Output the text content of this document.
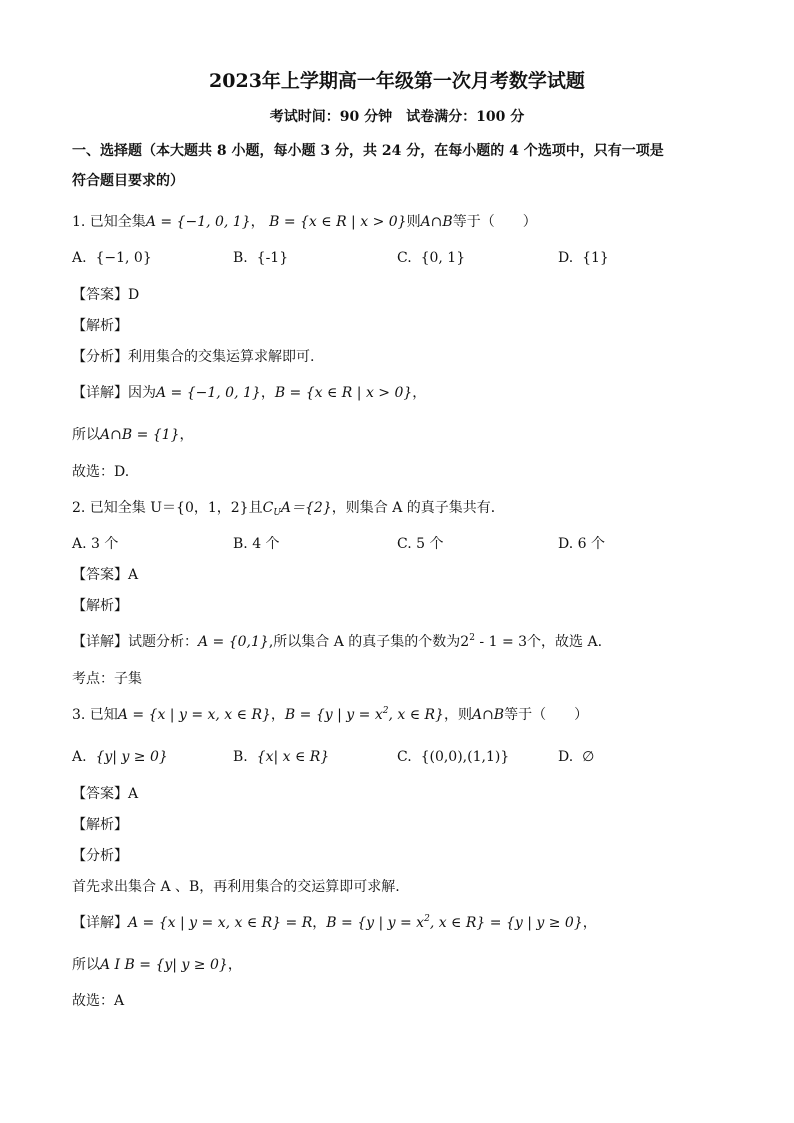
2023年上学期高一年级第一次月考数学试题
考试时间：90 分钟　试卷满分：100 分
一、选择题（本大题共 8 小题，每小题 3 分，共 24 分，在每小题的 4 个选项中，只有一项是
符合题目要求的）
1. 已知全集A = {−1, 0, 1}， B = {x ∈ R | x > 0}则A∩B等于（　　）
A. {−1, 0}	B. {-1}	C. {0, 1}	D. {1}
【答案】D
【解析】
【分析】利用集合的交集运算求解即可.
【详解】因为A = {−1, 0, 1}，B = {x ∈ R | x > 0}，
所以A∩B = {1}，
故选：D.
2. 已知全集 U＝{0，1，2}且$C_UA=\{2\}$，则集合 A 的真子集共有．
A. 3 个	B. 4 个	C. 5 个	D. 6 个
【答案】A
【解析】
【详解】试题分析：A = {0,1},所以集合 A 的真子集的个数为$2^2 - 1 = 3$个，故选 A.
考点：子集
3. 已知A = {x | y = x, x ∈ R}，B = {y | $y = x^2$, x ∈ R}，则A∩B等于（　　）
A. {y| y ≥ 0}	B. {x| x ∈ R}	C. {(0,0),(1,1)}	D. ∅
【答案】A
【解析】
【分析】
首先求出集合 A 、B，再利用集合的交运算即可求解.
【详解】A = {x | y = x, x ∈ R} = R，B = {y | $y = x^2$, x ∈ R} = {y | y ≥ 0}，
所以A I B = {y| y ≥ 0}，
故选：A
